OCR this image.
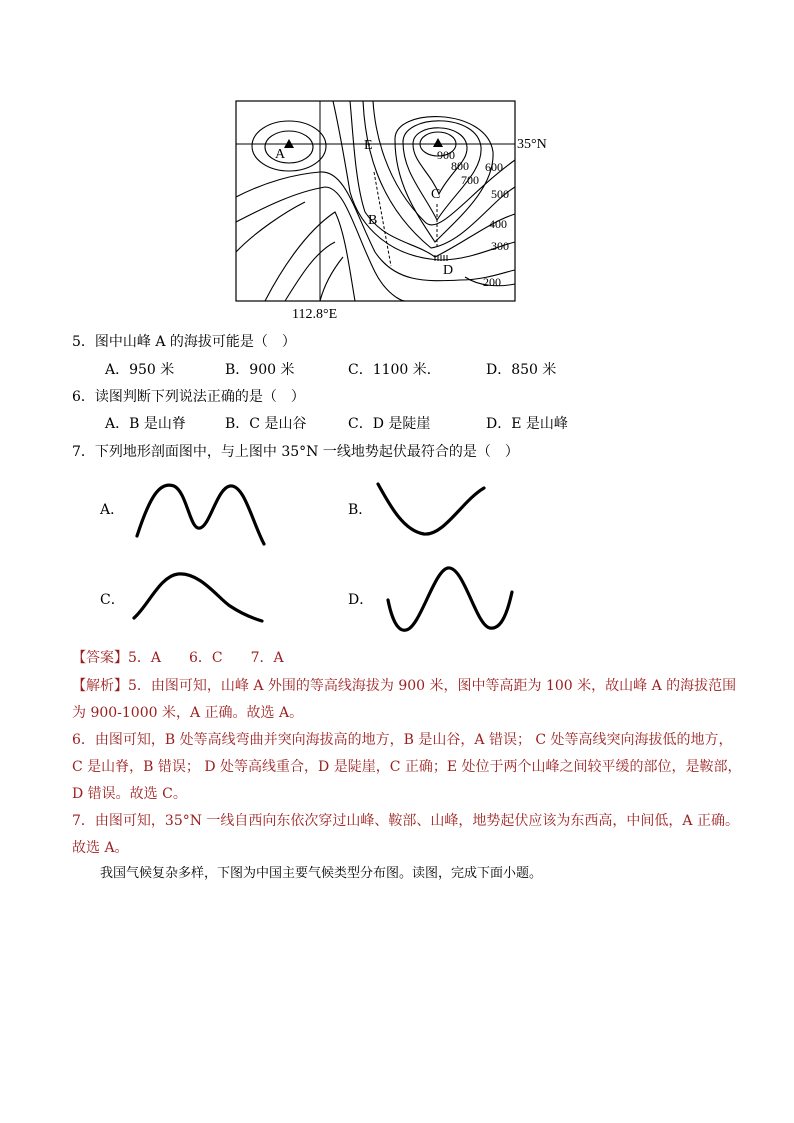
A
E
B
C
D
35°N
112.8°E
900
800
700
600
500
400
300
200
5．图中山峰 A 的海拔可能是（　）
A．950 米	B．900 米	C．1100 米．	D．850 米
6．读图判断下列说法正确的是（　）
A．B 是山脊	B．C 是山谷	C．D 是陡崖	D．E 是山峰
7．下列地形剖面图中，与上图中 35°N 一线地势起伏最符合的是（　）
A．	B．
C．	D．
【答案】5．A　　6．C　　7．A
【解析】5．由图可知，山峰 A 外围的等高线海拔为 900 米，图中等高距为 100 米，故山峰 A 的海拔范围
为 900-1000 米，A 正确。故选 A。
6．由图可知，B 处等高线弯曲并突向海拔高的地方，B 是山谷，A 错误； C 处等高线突向海拔低的地方，
C 是山脊，B 错误； D 处等高线重合，D 是陡崖，C 正确；E 处位于两个山峰之间较平缓的部位，是鞍部，
D 错误。故选 C。
7．由图可知，35°N 一线自西向东依次穿过山峰、鞍部、山峰，地势起伏应该为东西高，中间低，A 正确。
故选 A。
我国气候复杂多样，下图为中国主要气候类型分布图。读图，完成下面小题。
